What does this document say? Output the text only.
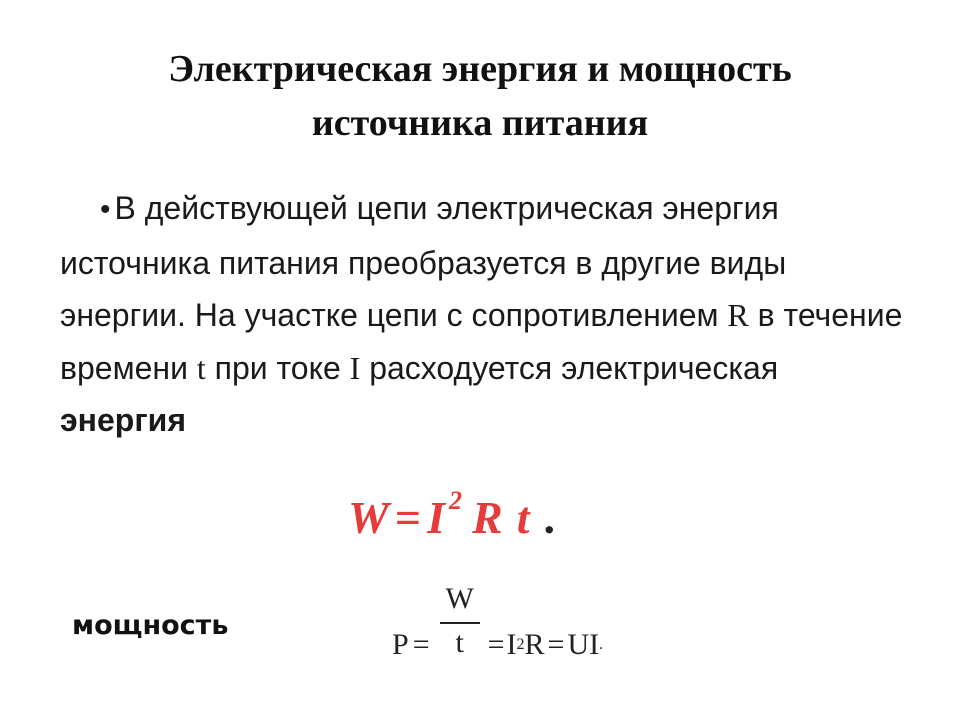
Электрическая энергия и мощность
источника питания
• В действующей цепи электрическая энергия источника питания преобразуется в другие виды энергии. На участке цепи с сопротивлением R в течение времени t при токе I расходуется электрическая энергия
W = I $^2$ R t .
мощность
$P = \frac{W}{t} = I$ 2 R = UI .
